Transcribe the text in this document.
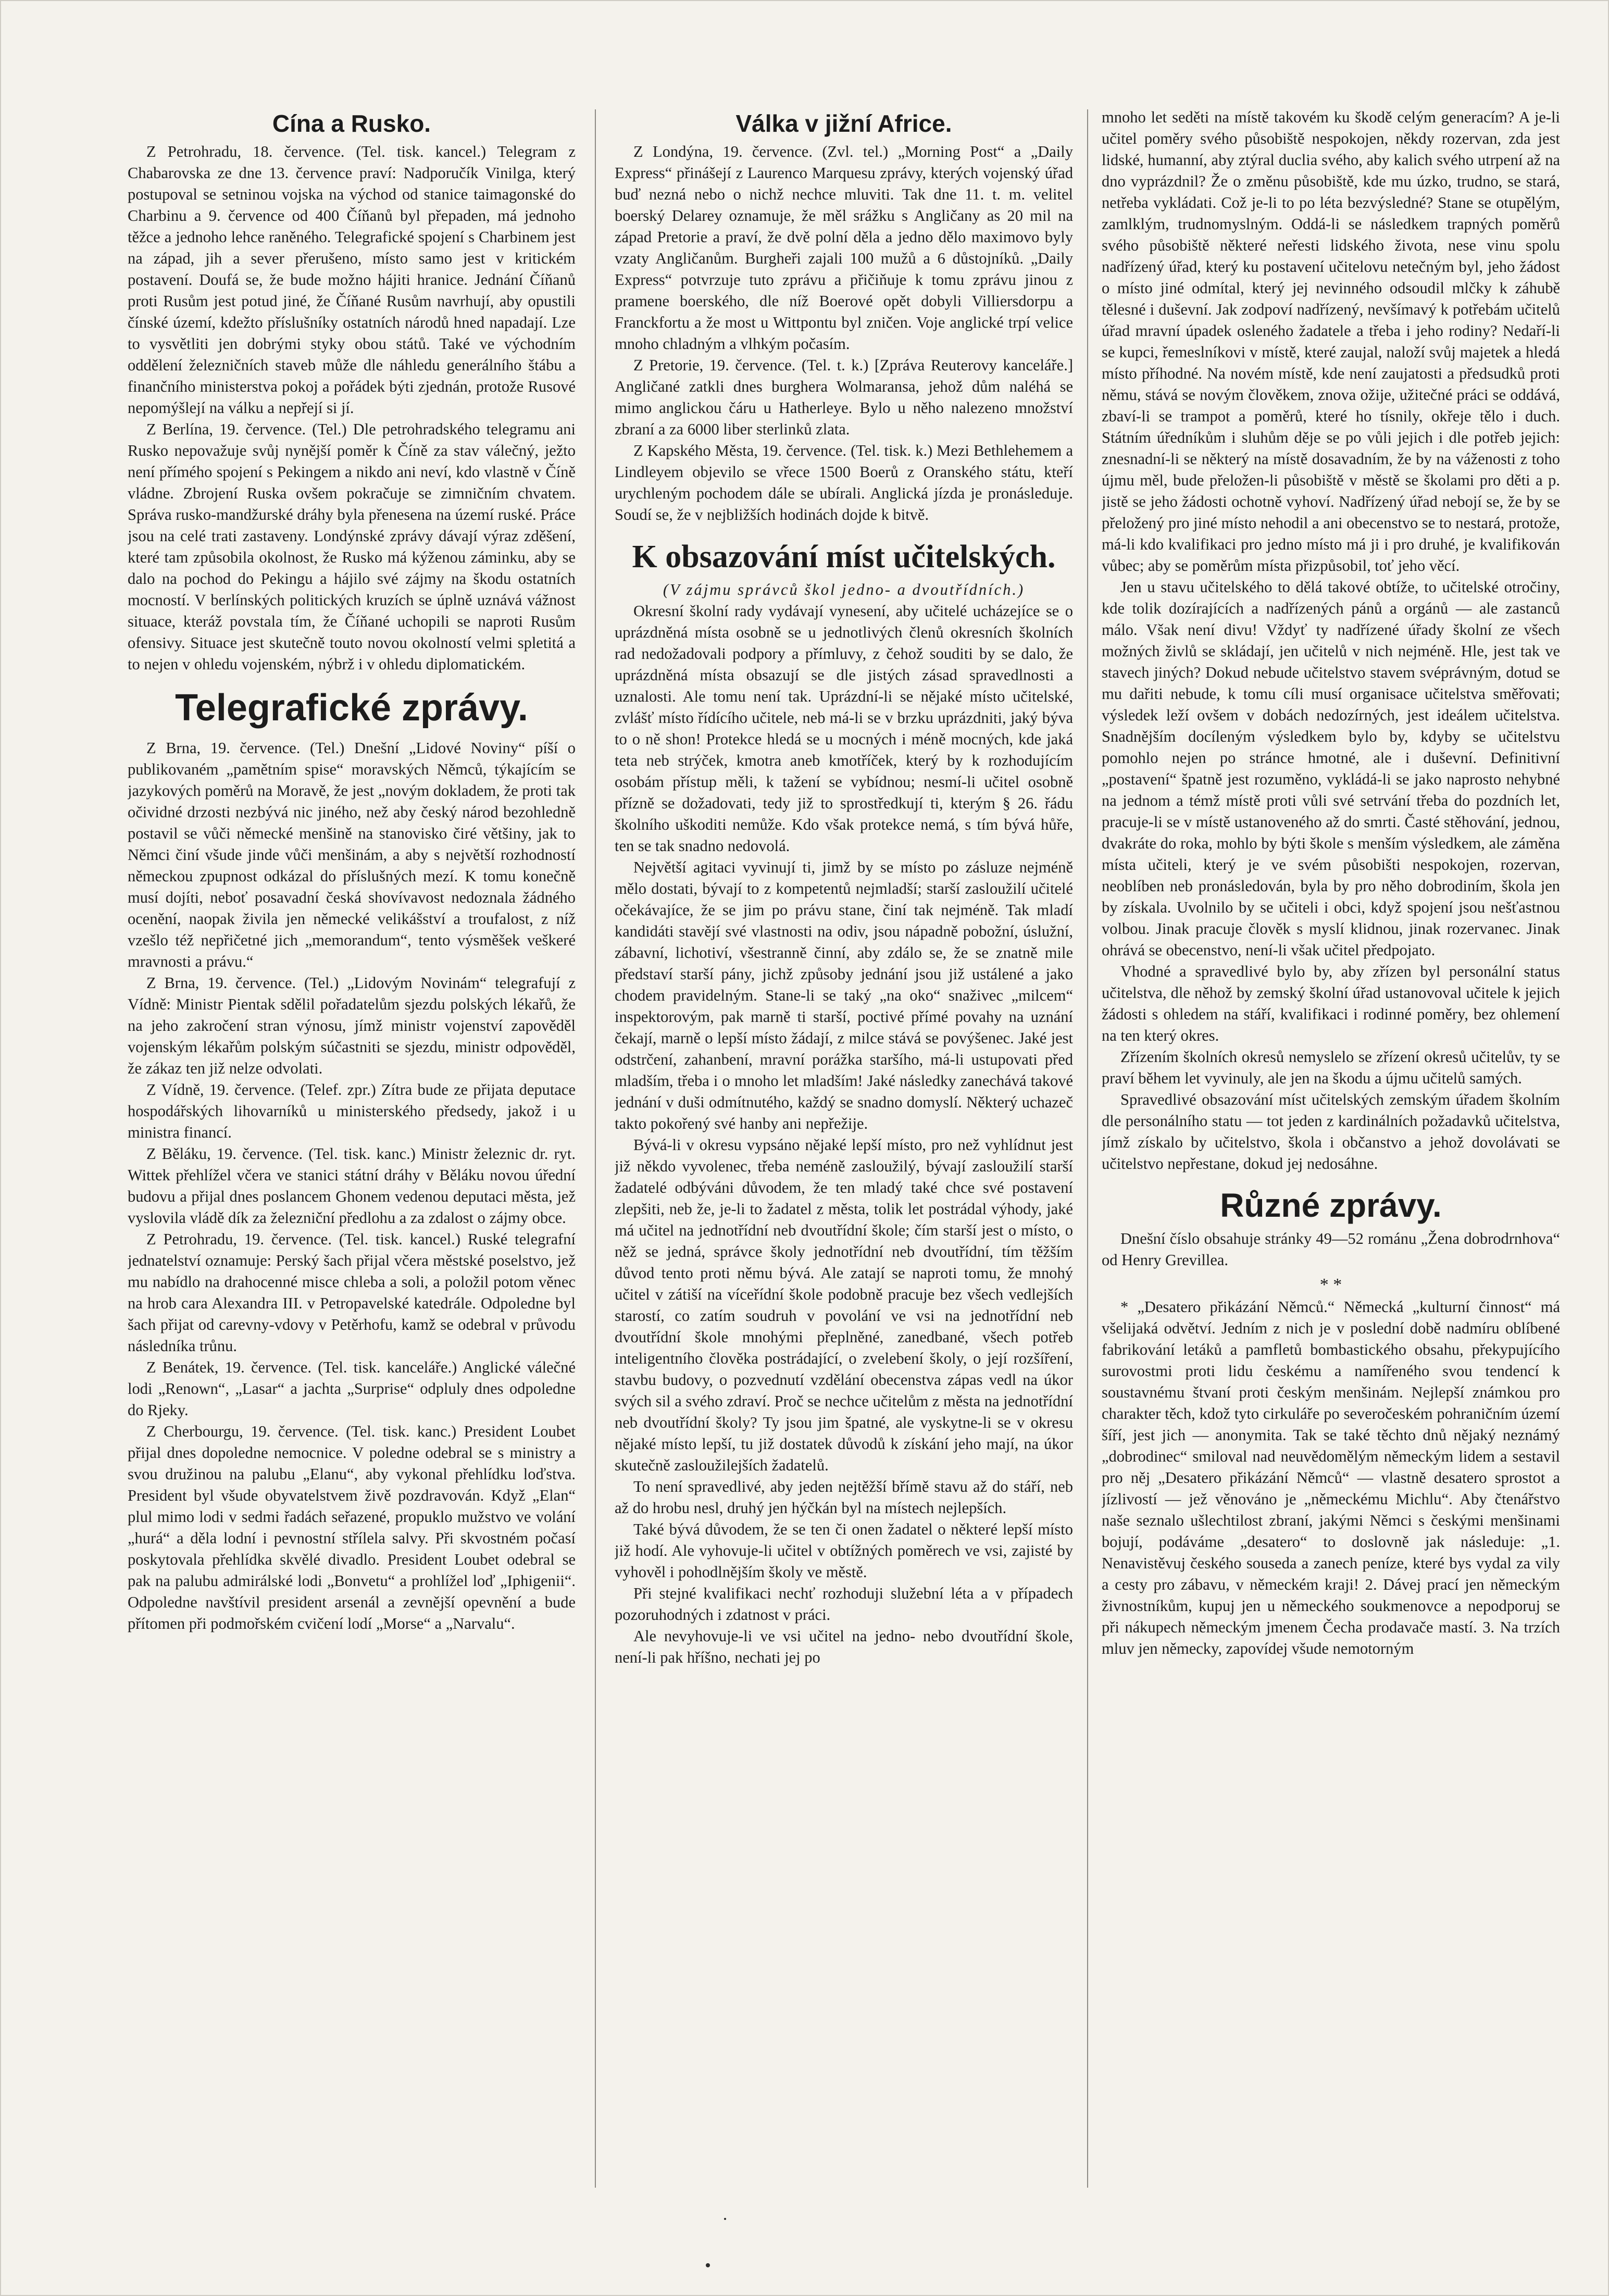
Cína a Rusko.

Z Petrohradu, 18. července. (Tel. tisk. kancel.) Telegram z Chabarovska ze dne 13. července praví: Nadporučík Vinilga, který postupoval se setninou vojska na východ od stanice taimagonské do Charbinu a 9. července od 400 Číňanů byl přepaden, má jednoho těžce a jednoho lehce raněného. Telegrafické spojení s Charbinem jest na západ, jih a sever přerušeno, místo samo jest v kritickém postavení. Doufá se, že bude možno hájiti hranice. Jednání Číňanů proti Rusům jest potud jiné, že Číňané Rusům navrhují, aby opustili čínské území, kdežto příslušníky ostatních národů hned napadají. Lze to vysvětliti jen dobrými styky obou států. Také ve východním oddělení železničních staveb může dle náhledu generálního štábu a finančního ministerstva pokoj a pořádek býti zjednán, protože Rusové nepomýšlejí na válku a nepřejí si jí.

Z Berlína, 19. července. (Tel.) Dle petrohradského telegramu ani Rusko nepovažuje svůj nynější poměr k Číně za stav válečný, ježto není přímého spojení s Pekingem a nikdo ani neví, kdo vlastně v Číně vládne. Zbrojení Ruska ovšem pokračuje se zimničním chvatem. Správa rusko-mandžurské dráhy byla přenesena na území ruské. Práce jsou na celé trati zastaveny. Londýnské zprávy dávají výraz zděšení, které tam způsobila okolnost, že Rusko má kýženou záminku, aby se dalo na pochod do Pekingu a hájilo své zájmy na škodu ostatních mocností. V berlínských politických kruzích se úplně uznává vážnost situace, kteráž povstala tím, že Číňané uchopili se naproti Rusům ofensivy. Situace jest skutečně touto novou okolností velmi spletitá a to nejen v ohledu vojenském, nýbrž i v ohledu diplomatickém.

Telegrafické zprávy.

Z Brna, 19. července. (Tel.) Dnešní „Lidové Noviny“ píší o publikovaném „pamětním spise“ moravských Němců, týkajícím se jazykových poměrů na Moravě, že jest „novým dokladem, že proti tak očividné drzosti nezbývá nic jiného, než aby český národ bezohledně postavil se vůči německé menšině na stanovisko čiré většiny, jak to Němci činí všude jinde vůči menšinám, a aby s největší rozhodností německou zpupnost odkázal do příslušných mezí. K tomu konečně musí dojíti, neboť posavadní česká shovívavost nedoznala žádného ocenění, naopak živila jen německé velikášství a troufalost, z níž vzešlo též nepřičetné jich „memorandum“, tento výsměšek veškeré mravnosti a právu.“

Z Brna, 19. července. (Tel.) „Lidovým Novinám“ telegrafují z Vídně: Ministr Pientak sdělil pořadatelům sjezdu polských lékařů, že na jeho zakročení stran výnosu, jímž ministr vojenství zapověděl vojenským lékařům polským súčastniti se sjezdu, ministr odpověděl, že zákaz ten již nelze odvolati.

Z Vídně, 19. července. (Telef. zpr.) Zítra bude ze přijata deputace hospodářských lihovarníků u ministerského předsedy, jakož i u ministra financí.

Z Běláku, 19. července. (Tel. tisk. kanc.) Ministr železnic dr. ryt. Wittek přehlížel včera ve stanici státní dráhy v Běláku novou úřední budovu a přijal dnes poslancem Ghonem vedenou deputaci města, jež vyslovila vládě dík za železniční předlohu a za zdalost o zájmy obce.

Z Petrohradu, 19. července. (Tel. tisk. kancel.) Ruské telegrafní jednatelství oznamuje: Perský šach přijal včera městské poselstvo, jež mu nabídlo na drahocenné misce chleba a soli, a položil potom věnec na hrob cara Alexandra III. v Petropavelské katedrále. Odpoledne byl šach přijat od carevny-vdovy v Petěrhofu, kamž se odebral v průvodu následníka trůnu.

Z Benátek, 19. července. (Tel. tisk. kanceláře.) Anglické válečné lodi „Renown“, „Lasar“ a jachta „Surprise“ odpluly dnes odpoledne do Rjeky.

Z Cherbourgu, 19. července. (Tel. tisk. kanc.) President Loubet přijal dnes dopoledne nemocnice. V poledne odebral se s ministry a svou družinou na palubu „Elanu“, aby vykonal přehlídku loďstva. President byl všude obyvatelstvem živě pozdravován. Když „Elan“ plul mimo lodi v sedmi řadách seřazené, propuklo mužstvo ve volání „hurá“ a děla lodní i pevnostní střílela salvy. Při skvostném počasí poskytovala přehlídka skvělé divadlo. President Loubet odebral se pak na palubu admirálské lodi „Bonvetu“ a prohlížel loď „Iphigenii“. Odpoledne navštívil president arsenál a zevnější opevnění a bude přítomen při podmořském cvičení lodí „Morse“ a „Narvalu“.

Válka v jižní Africe.

Z Londýna, 19. července. (Zvl. tel.) „Morning Post“ a „Daily Express“ přinášejí z Laurenco Marquesu zprávy, kterých vojenský úřad buď nezná nebo o nichž nechce mluviti. Tak dne 11. t. m. velitel boerský Delarey oznamuje, že měl srážku s Angličany as 20 mil na západ Pretorie a praví, že dvě polní děla a jedno dělo maximovo byly vzaty Angličanům. Burgheři zajali 100 mužů a 6 důstojníků. „Daily Express“ potvrzuje tuto zprávu a přičiňuje k tomu zprávu jinou z pramene boerského, dle níž Boerové opět dobyli Villiersdorpu a Franckfortu a že most u Wittpontu byl zničen. Voje anglické trpí velice mnoho chladným a vlhkým počasím.

Z Pretorie, 19. července. (Tel. t. k.) [Zpráva Reuterovy kanceláře.] Angličané zatkli dnes burghera Wolmaransa, jehož dům naléhá se mimo anglickou čáru u Hatherleye. Bylo u něho nalezeno množství zbraní a za 6000 liber sterlinků zlata.

Z Kapského Města, 19. července. (Tel. tisk. k.) Mezi Bethlehemem a Lindleyem objevilo se vřece 1500 Boerů z Oranského státu, kteří urychleným pochodem dále se ubírali. Anglická jízda je pronásleduje. Soudí se, že v nejbližších hodinách dojde k bitvě.

K obsazování míst učitelských.

(V zájmu správců škol jedno- a dvoutřídních.)

Okresní školní rady vydávají vynesení, aby učitelé ucházejíce se o uprázdněná místa osobně se u jednotlivých členů okresních školních rad nedožadovali podpory a přímluvy, z čehož souditi by se dalo, že uprázdněná místa obsazují se dle jistých zásad spravedlnosti a uznalosti. Ale tomu není tak. Uprázdní-li se nějaké místo učitelské, zvlášť místo řídícího učitele, neb má-li se v brzku uprázdniti, jaký býva to o ně shon! Protekce hledá se u mocných i méně mocných, kde jaká teta neb strýček, kmotra aneb kmotříček, který by k rozhodujícím osobám přístup měli, k tažení se vybídnou; nesmí-li učitel osobně přízně se dožadovati, tedy již to sprostředkují ti, kterým § 26. řádu školního uškoditi nemůže. Kdo však protekce nemá, s tím bývá hůře, ten se tak snadno nedovolá.

Největší agitaci vyvinují ti, jimž by se místo po zásluze nejméně mělo dostati, bývají to z kompetentů nejmladší; starší zasloužilí učitelé očekávajíce, že se jim po právu stane, činí tak nejméně. Tak mladí kandidáti stavějí své vlastnosti na odiv, jsou nápadně pobožní, úslužní, zábavní, lichotiví, všestranně činní, aby zdálo se, že se znatně mile představí starší pány, jichž způsoby jednání jsou již ustálené a jako chodem pravidelným. Stane-li se taký „na oko“ snaživec „milcem“ inspektorovým, pak marně ti starší, poctivé přímé povahy na uznání čekají, marně o lepší místo žádají, z milce stává se povýšenec. Jaké jest odstrčení, zahanbení, mravní porážka staršího, má-li ustupovati před mladším, třeba i o mnoho let mladším! Jaké následky zanechává takové jednání v duši odmítnutého, každý se snadno domyslí. Některý uchazeč takto pokořený své hanby ani nepřežije.

Bývá-li v okresu vypsáno nějaké lepší místo, pro než vyhlídnut jest již někdo vyvolenec, třeba neméně zasloužilý, bývají zasloužilí starší žadatelé odbýváni důvodem, že ten mladý také chce své postavení zlepšiti, neb že, je-li to žadatel z města, tolik let postrádal výhody, jaké má učitel na jednotřídní neb dvoutřídní škole; čím starší jest o místo, o něž se jedná, správce školy jednotřídní neb dvoutřídní, tím těžším důvod tento proti němu bývá. Ale zatají se naproti tomu, že mnohý učitel v zátiší na víceřídní škole podobně pracuje bez všech vedlejších starostí, co zatím soudruh v povolání ve vsi na jednotřídní neb dvoutřídní škole mnohými přeplněné, zanedbané, všech potřeb inteligentního člověka postrádající, o zvelebení školy, o její rozšíření, stavbu budovy, o pozvednutí vzdělání obecenstva zápas vedl na úkor svých sil a svého zdraví. Proč se nechce učitelům z města na jednotřídní neb dvoutřídní školy? Ty jsou jim špatné, ale vyskytne-li se v okresu nějaké místo lepší, tu již dostatek důvodů k získání jeho mají, na úkor skutečně zasloužilejších žadatelů.

To není spravedlivé, aby jeden nejtěžší břímě stavu až do stáří, neb až do hrobu nesl, druhý jen hýčkán byl na místech nejlepších.

Také bývá důvodem, že se ten či onen žadatel o některé lepší místo již hodí. Ale vyhovuje-li učitel v obtížných poměrech ve vsi, zajisté by vyhověl i pohodlnějším školy ve městě.

Při stejné kvalifikaci nechť rozhoduji služební léta a v případech pozoruhodných i zdatnost v práci.

Ale nevyhovuje-li ve vsi učitel na jedno- nebo dvoutřídní škole, není-li pak hříšno, nechati jej po

mnoho let seděti na místě takovém ku škodě celým generacím? A je-li učitel poměry svého působiště nespokojen, někdy rozervan, zda jest lidské, humanní, aby ztýral duclia svého, aby kalich svého utrpení až na dno vyprázdnil? Že o změnu působiště, kde mu úzko, trudno, se stará, netřeba vykládati. Což je-li to po léta bezvýsledné? Stane se otupělým, zamlklým, trudnomyslným. Oddá-li se následkem trapných poměrů svého působiště některé neřesti lidského života, nese vinu spolu nadřízený úřad, který ku postavení učitelovu netečným byl, jeho žádost o místo jiné odmítal, který jej nevinného odsoudil mlčky k záhubě tělesné i duševní. Jak zodpoví nadřízený, nevšímavý k potřebám učitelů úřad mravní úpadek osleného žadatele a třeba i jeho rodiny? Nedaří-li se kupci, řemeslníkovi v místě, které zaujal, naloží svůj majetek a hledá místo příhodné. Na novém místě, kde není zaujatosti a předsudků proti němu, stává se novým člověkem, znova ožije, užitečné práci se oddává, zbaví-li se trampot a poměrů, které ho tísnily, okřeje tělo i duch. Státním úředníkům i sluhům děje se po vůli jejich i dle potřeb jejich: znesnadní-li se některý na místě dosavadním, že by na váženosti z toho újmu měl, bude přeložen-li působiště v městě se školami pro děti a p. jistě se jeho žádosti ochotně vyhoví. Nadřízený úřad nebojí se, že by se přeložený pro jiné místo nehodil a ani obecenstvo se to nestará, protože, má-li kdo kvalifikaci pro jedno místo má ji i pro druhé, je kvalifikován vůbec; aby se poměrům místa přizpůsobil, toť jeho věcí.

Jen u stavu učitelského to dělá takové obtíže, to učitelské otročiny, kde tolik dozírajících a nadřízených pánů a orgánů — ale zastanců málo. Však není divu! Vždyť ty nadřízené úřady školní ze všech možných živlů se skládají, jen učitelů v nich nejméně. Hle, jest tak ve stavech jiných? Dokud nebude učitelstvo stavem svéprávným, dotud se mu dařiti nebude, k tomu cíli musí organisace učitelstva směřovati; výsledek leží ovšem v dobách nedozírných, jest ideálem učitelstva. Snadnějším docíleným výsledkem bylo by, kdyby se učitelstvu pomohlo nejen po stránce hmotné, ale i duševní. Definitivní „postavení“ špatně jest rozuměno, vykládá-li se jako naprosto nehybné na jednom a témž místě proti vůli své setrvání třeba do pozdních let, pracuje-li se v místě ustanoveného až do smrti. Časté stěhování, jednou, dvakráte do roka, mohlo by býti škole s menším výsledkem, ale záměna místa učiteli, který je ve svém působišti nespokojen, rozervan, neoblíben neb pronásledován, byla by pro něho dobrodiním, škola jen by získala. Uvolnilo by se učiteli i obci, když spojení jsou nešťastnou volbou. Jinak pracuje člověk s myslí klidnou, jinak rozervanec. Jinak ohrává se obecenstvo, není-li však učitel předpojato.

Vhodné a spravedlivé bylo by, aby zřízen byl personální status učitelstva, dle něhož by zemský školní úřad ustanovoval učitele k jejich žádosti s ohledem na stáří, kvalifikaci i rodinné poměry, bez ohlemení na ten který okres.

Zřízením školních okresů nemyslelo se zřízení okresů učitelův, ty se praví během let vyvinuly, ale jen na škodu a újmu učitelů samých.

Spravedlivé obsazování míst učitelských zemským úřadem školním dle personálního statu — tot jeden z kardinálních požadavků učitelstva, jímž získalo by učitelstvo, škola i občanstvo a jehož dovolávati se učitelstvo nepřestane, dokud jej nedosáhne.

Různé zprávy.

Dnešní číslo obsahuje stránky 49—52 románu „Žena dobrodrnhova“ od Henry Grevillea.

* *

* „Desatero přikázání Němců.“ Německá „kulturní činnost“ má všelijaká odvětví. Jedním z nich je v poslední době nadmíru oblíbené fabrikování letáků a pamfletů bombastického obsahu, překypujícího surovostmi proti lidu českému a namířeného svou tendencí k soustavnému štvaní proti českým menšinám. Nejlepší známkou pro charakter těch, kdož tyto cirkuláře po severočeském pohraničním území šíří, jest jich — anonymita. Tak se také těchto dnů nějaký neznámý „dobrodinec“ smiloval nad neuvědomělým německým lidem a sestavil pro něj „Desatero přikázání Němců“ — vlastně desatero sprostot a jízlivostí — jež věnováno je „německému Michlu“. Aby čtenářstvo naše seznalo ušlechtilost zbraní, jakými Němci s českými menšinami bojují, podáváme „desatero“ to doslovně jak následuje: „1. Nenavistěvuj českého souseda a zanech peníze, které bys vydal za vily a cesty pro zábavu, v německém kraji! 2. Dávej prací jen německým živnostníkům, kupuj jen u německého soukmenovce a nepodporuj se při nákupech německým jmenem Čecha prodavače mastí. 3. Na trzích mluv jen německy, zapovídej všude nemotorným
